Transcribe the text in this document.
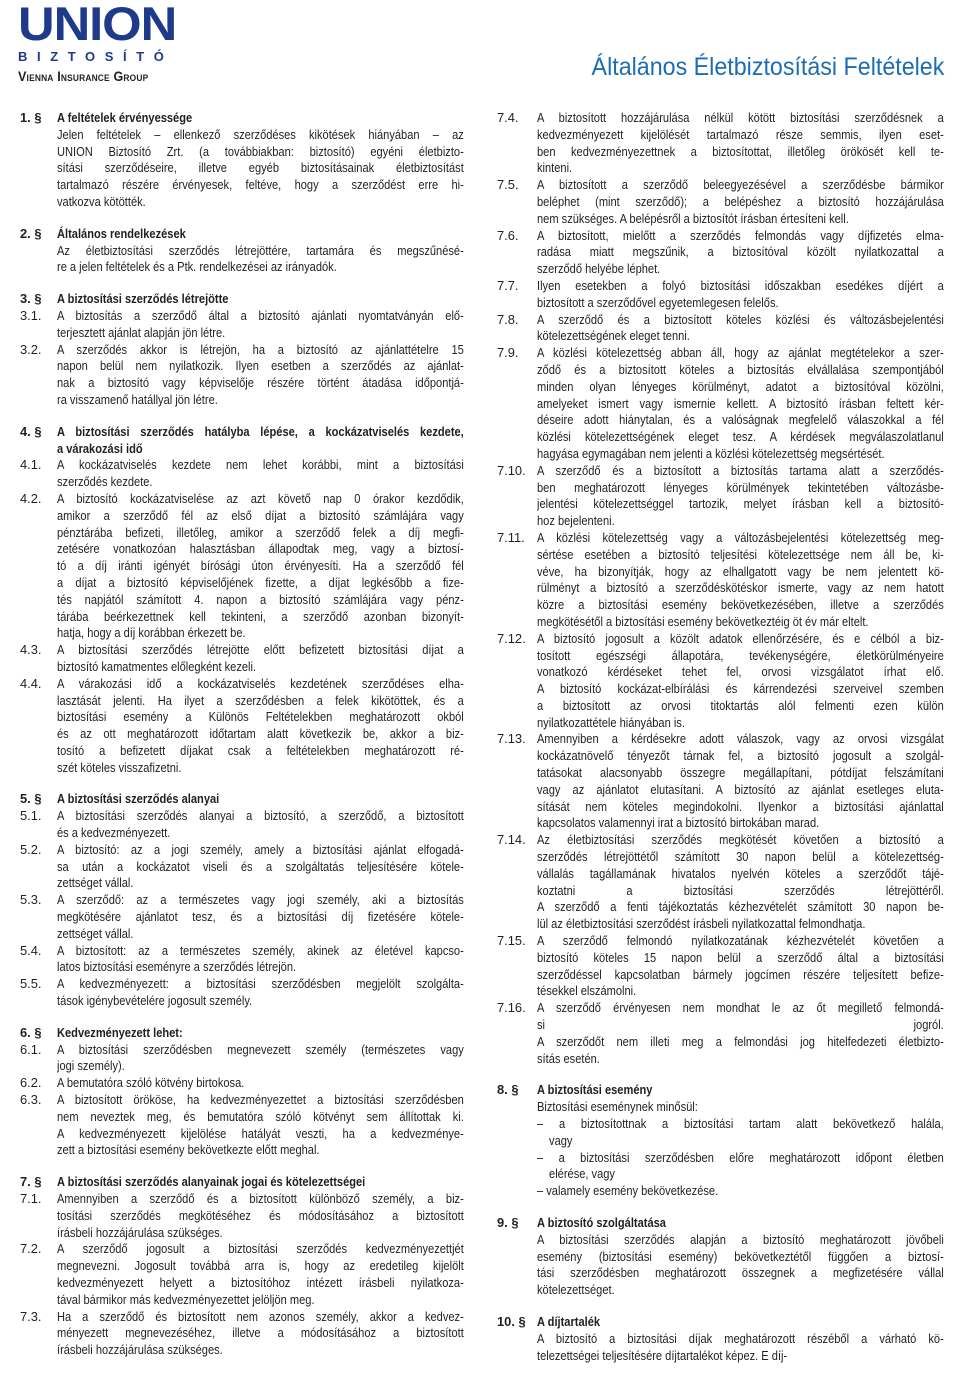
UNION
BIZTOSÍTÓ
Vienna Insurance Group	Általános Életbiztosítási Feltételek
1. §	A feltételek érvényessége
Jelen feltételek – ellenkező szerződéses kikötések hiányában – az
UNION Biztosító Zrt. (a továbbiakban: biztosító) egyéni életbizto-
sítási szerződéseire, illetve egyéb biztosításainak életbiztosítást
tartalmazó részére érvényesek, feltéve, hogy a szerződést erre hi-
vatkozva kötötték.
2. §	Általános rendelkezések
Az életbiztosítási szerződés létrejöttére, tartamára és megszűnésé-
re a jelen feltételek és a Ptk. rendelkezései az irányadók.
3. §	A biztosítási szerződés létrejötte
3.1.	A biztosítás a szerződő által a biztosító ajánlati nyomtatványán elő-
terjesztett ajánlat alapján jön létre.
3.2.	A szerződés akkor is létrejön, ha a biztosító az ajánlattételre 15
napon belül nem nyilatkozik. Ilyen esetben a szerződés az ajánlat-
nak a biztosító vagy képviselője részére történt átadása időpontjá-
ra visszamenő hatállyal jön létre.
4. §	A biztosítási szerződés hatályba lépése, a kockázatviselés kezdete,
a várakozási idő
4.1.	A kockázatviselés kezdete nem lehet korábbi, mint a biztosítási
szerződés kezdete.
4.2.	A biztosító kockázatviselése az azt követő nap 0 órakor kezdődik,
amikor a szerződő fél az első díjat a biztosító számlájára vagy
pénztárába befizeti, illetőleg, amikor a szerződő felek a díj megfi-
zetésére vonatkozóan halasztásban állapodtak meg, vagy a biztosí-
tó a díj iránti igényét bírósági úton érvényesíti. Ha a szerződő fél
a díjat a biztosító képviselőjének fizette, a díjat legkésőbb a fize-
tés napjától számított 4. napon a biztosító számlájára vagy pénz-
tárába beérkezettnek kell tekinteni, a szerződő azonban bizonyít-
hatja, hogy a díj korábban érkezett be.
4.3.	A biztosítási szerződés létrejötte előtt befizetett biztosítási díjat a
biztosító kamatmentes előlegként kezeli.
4.4.	A várakozási idő a kockázatviselés kezdetének szerződéses elha-
lasztását jelenti. Ha ilyet a szerződésben a felek kikötöttek, és a
biztosítási esemény a Különös Feltételekben meghatározott okból
és az ott meghatározott időtartam alatt következik be, akkor a biz-
tosító a befizetett díjakat csak a feltételekben meghatározott ré-
szét köteles visszafizetni.
5. §	A biztosítási szerződés alanyai
5.1.	A biztosítási szerződés alanyai a biztosító, a szerződő, a biztosított
és a kedvezményezett.
5.2.	A biztosító: az a jogi személy, amely a biztosítási ajánlat elfogadá-
sa után a kockázatot viseli és a szolgáltatás teljesítésére kötele-
zettséget vállal.
5.3.	A szerződő: az a természetes vagy jogi személy, aki a biztosítás
megkötésére ajánlatot tesz, és a biztosítási díj fizetésére kötele-
zettséget vállal.
5.4.	A biztosított: az a természetes személy, akinek az életével kapcso-
latos biztosítási eseményre a szerződés létrejön.
5.5.	A kedvezményezett: a biztosítási szerződésben megjelölt szolgálta-
tások igénybevételére jogosult személy.
6. §	Kedvezményezett lehet:
6.1.	A biztosítási szerződésben megnevezett személy (természetes vagy
jogi személy).
6.2.	A bemutatóra szóló kötvény birtokosa.
6.3.	A biztosított örököse, ha kedvezményezettet a biztosítási szerződésben
nem neveztek meg, és bemutatóra szóló kötvényt sem állítottak ki.
A kedvezményezett kijelölése hatályát veszti, ha a kedvezménye-
zett a biztosítási esemény bekövetkezte előtt meghal.
7. §	A biztosítási szerződés alanyainak jogai és kötelezettségei
7.1.	Amennyiben a szerződő és a biztosított különböző személy, a biz-
tosítási szerződés megkötéséhez és módosításához a biztosított
írásbeli hozzájárulása szükséges.
7.2.	A szerződő jogosult a biztosítási szerződés kedvezményezettjét
megnevezni. Jogosult továbbá arra is, hogy az eredetileg kijelölt
kedvezményezett helyett a biztosítóhoz intézett írásbeli nyilatkoza-
tával bármikor más kedvezményezettet jelöljön meg.
7.3.	Ha a szerződő és biztosított nem azonos személy, akkor a kedvez-
ményezett megnevezéséhez, illetve a módosításához a biztosított
írásbeli hozzájárulása szükséges.
7.4.	A biztosított hozzájárulása nélkül kötött biztosítási szerződésnek a
kedvezményezett kijelölését tartalmazó része semmis, ilyen eset-
ben kedvezményezettnek a biztosítottat, illetőleg örökösét kell te-
kinteni.
7.5.	A biztosított a szerződő beleegyezésével a szerződésbe bármikor
beléphet (mint szerződő); a belépéshez a biztosító hozzájárulása
nem szükséges. A belépésről a biztosítót írásban értesíteni kell.
7.6.	A biztosított, mielőtt a szerződés felmondás vagy díjfizetés elma-
radása miatt megszűnik, a biztosítóval közölt nyilatkozattal a
szerződő helyébe léphet.
7.7.	Ilyen esetekben a folyó biztosítási időszakban esedékes díjért a
biztosított a szerződővel egyetemlegesen felelős.
7.8.	A szerződő és a biztosított köteles közlési és változásbejelentési
kötelezettségének eleget tenni.
7.9.	A közlési kötelezettség abban áll, hogy az ajánlat megtételekor a szer-
ződő és a biztosított köteles a biztosítás elvállalása szempontjából
minden olyan lényeges körülményt, adatot a biztosítóval közölni,
amelyeket ismert vagy ismernie kellett. A biztosító írásban feltett kér-
déseire adott hiánytalan, és a valóságnak megfelelő válaszokkal a fél
közlési kötelezettségének eleget tesz. A kérdések megválaszolatlanul
hagyása egymagában nem jelenti a közlési kötelezettség megsértését.
7.10. A szerződő és a biztosított a biztosítás tartama alatt a szerződés-
ben meghatározott lényeges körülmények tekintetében változásbe-
jelentési kötelezettséggel tartozik, melyet írásban kell a biztosító-
hoz bejelenteni.
7.11. A közlési kötelezettség vagy a változásbejelentési kötelezettség meg-
sértése esetében a biztosító teljesítési kötelezettsége nem áll be, ki-
véve, ha bizonyítják, hogy az elhallgatott vagy be nem jelentett kö-
rülményt a biztosító a szerződéskötéskor ismerte, vagy az nem hatott
közre a biztosítási esemény bekövetkezésében, illetve a szerződés
megkötésétől a biztosítási esemény bekövetkeztéig öt év már eltelt.
7.12. A biztosító jogosult a közölt adatok ellenőrzésére, és e célból a biz-
tosított egészségi állapotára, tevékenységére, életkörülményeire
vonatkozó kérdéseket tehet fel, orvosi vizsgálatot írhat elő.
A biztosító kockázat-elbírálási és kárrendezési szerveivel szemben
a biztosított az orvosi titoktartás alól felmenti ezen külön
nyilatkozattétele hiányában is.
7.13. Amennyiben a kérdésekre adott válaszok, vagy az orvosi vizsgálat
kockázatnövelő tényezőt tárnak fel, a biztosító jogosult a szolgál-
tatásokat alacsonyabb összegre megállapítani, pótdíjat felszámítani
vagy az ajánlatot elutasítani. A biztosító az ajánlat esetleges eluta-
sítását nem köteles megindokolni. Ilyenkor a biztosítási ajánlattal
kapcsolatos valamennyi irat a biztosító birtokában marad.
7.14. Az életbiztosítási szerződés megkötését követően a biztosító a
szerződés létrejöttétől számított 30 napon belül a kötelezettség-
vállalás tagállamának hivatalos nyelvén köteles a szerződőt tájé-
koztatni a biztosítási szerződés létrejöttéről.
A szerződő a fenti tájékoztatás kézhezvételét számított 30 napon be-
lül az életbiztosítási szerződést írásbeli nyilatkozattal felmondhatja.
7.15. A szerződő felmondó nyilatkozatának kézhezvételét követően a
biztosító köteles 15 napon belül a szerződő által a biztosítási
szerződéssel kapcsolatban bármely jogcímen részére teljesített befize-
tésekkel elszámolni.
7.16. A szerződő érvényesen nem mondhat le az őt megillető felmondá-
si jogról.
A szerződőt nem illeti meg a felmondási jog hitelfedezeti életbizto-
sítás esetén.
8. §	A biztosítási esemény
Biztosítási eseménynek minősül:
– a biztosítottnak a biztosítási tartam alatt bekövetkező halála,
vagy
– a biztosítási szerződésben előre meghatározott időpont életben
elérése, vagy
– valamely esemény bekövetkezése.
9. §	A biztosító szolgáltatása
A biztosítási szerződés alapján a biztosító meghatározott jövőbeli
esemény (biztosítási esemény) bekövetkeztétől függően a biztosí-
tási szerződésben meghatározott összegnek a megfizetésére vállal
kötelezettséget.
10. § A díjtartalék
A biztosító a biztosítási díjak meghatározott részéből a várható kö-
telezettségei teljesítésére díjtartalékot képez. E díj-
